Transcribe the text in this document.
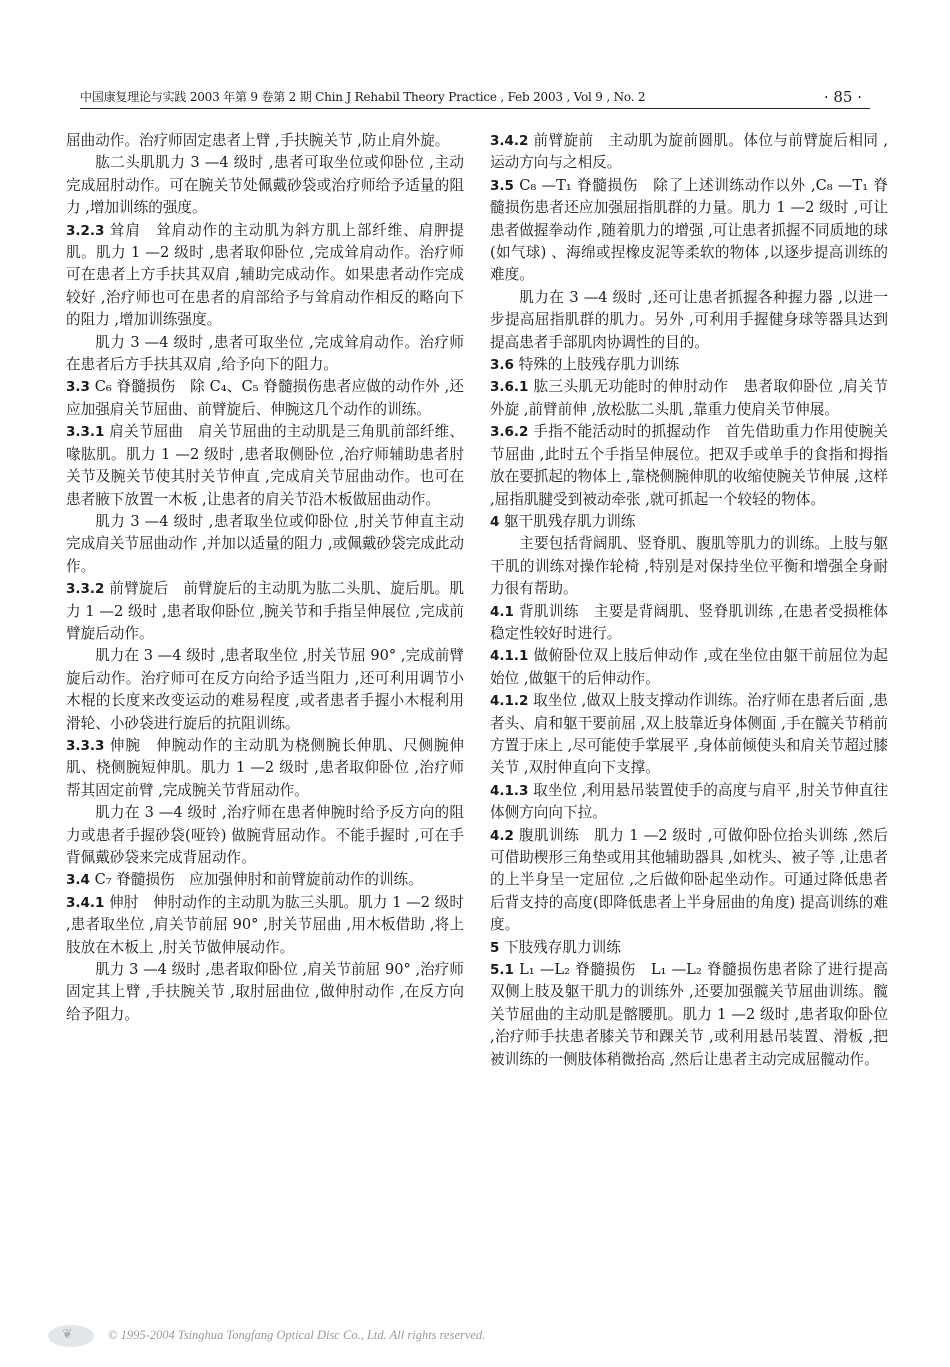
中国康复理论与实践 2003 年第 9 卷第 2 期 Chin J Rehabil Theory Practice , Feb 2003 , Vol 9 , No. 2	· 85 ·

屈曲动作。治疗师固定患者上臂 ,手扶腕关节 ,防止肩外旋。

肱二头肌肌力 3 —4 级时 ,患者可取坐位或仰卧位 ,主动完成屈肘动作。可在腕关节处佩戴砂袋或治疗师给予适量的阻力 ,增加训练的强度。

3.2.3 耸肩　耸肩动作的主动肌为斜方肌上部纤维、肩胛提肌。肌力 1 —2 级时 ,患者取仰卧位 ,完成耸肩动作。治疗师可在患者上方手扶其双肩 ,辅助完成动作。如果患者动作完成较好 ,治疗师也可在患者的肩部给予与耸肩动作相反的略向下的阻力 ,增加训练强度。

肌力 3 —4 级时 ,患者可取坐位 ,完成耸肩动作。治疗师在患者后方手扶其双肩 ,给予向下的阻力。

3.3 C₆ 脊髓损伤　除 C₄、C₅ 脊髓损伤患者应做的动作外 ,还应加强肩关节屈曲、前臂旋后、伸腕这几个动作的训练。

3.3.1 肩关节屈曲　肩关节屈曲的主动肌是三角肌前部纤维、喙肱肌。肌力 1 —2 级时 ,患者取侧卧位 ,治疗师辅助患者肘关节及腕关节使其肘关节伸直 ,完成肩关节屈曲动作。也可在患者腋下放置一木板 ,让患者的肩关节沿木板做屈曲动作。

肌力 3 —4 级时 ,患者取坐位或仰卧位 ,肘关节伸直主动完成肩关节屈曲动作 ,并加以适量的阻力 ,或佩戴砂袋完成此动作。

3.3.2 前臂旋后　前臂旋后的主动肌为肱二头肌、旋后肌。肌力 1 —2 级时 ,患者取仰卧位 ,腕关节和手指呈伸展位 ,完成前臂旋后动作。

肌力在 3 —4 级时 ,患者取坐位 ,肘关节屈 90° ,完成前臂旋后动作。治疗师可在反方向给予适当阻力 ,还可利用调节小木棍的长度来改变运动的难易程度 ,或者患者手握小木棍利用滑轮、小砂袋进行旋后的抗阻训练。

3.3.3 伸腕　伸腕动作的主动肌为桡侧腕长伸肌、尺侧腕伸肌、桡侧腕短伸肌。肌力 1 —2 级时 ,患者取仰卧位 ,治疗师帮其固定前臂 ,完成腕关节背屈动作。

肌力在 3 —4 级时 ,治疗师在患者伸腕时给予反方向的阻力或患者手握砂袋(哑铃) 做腕背屈动作。不能手握时 ,可在手背佩戴砂袋来完成背屈动作。

3.4 C₇ 脊髓损伤　应加强伸肘和前臂旋前动作的训练。

3.4.1 伸肘　伸肘动作的主动肌为肱三头肌。肌力 1 —2 级时 ,患者取坐位 ,肩关节前屈 90° ,肘关节屈曲 ,用木板借助 ,将上肢放在木板上 ,肘关节做伸展动作。

肌力 3 —4 级时 ,患者取仰卧位 ,肩关节前屈 90° ,治疗师固定其上臂 ,手扶腕关节 ,取肘屈曲位 ,做伸肘动作 ,在反方向给予阻力。

3.4.2 前臂旋前　主动肌为旋前圆肌。体位与前臂旋后相同 ,运动方向与之相反。

3.5 C₈ —T₁ 脊髓损伤　除了上述训练动作以外 ,C₈ —T₁ 脊髓损伤患者还应加强屈指肌群的力量。肌力 1 —2 级时 ,可让患者做握拳动作 ,随着肌力的增强 ,可让患者抓握不同质地的球(如气球) 、海绵或捏橡皮泥等柔软的物体 ,以逐步提高训练的难度。

肌力在 3 —4 级时 ,还可让患者抓握各种握力器 ,以进一步提高屈指肌群的肌力。另外 ,可利用手握健身球等器具达到提高患者手部肌肉协调性的目的。

3.6 特殊的上肢残存肌力训练

3.6.1 肱三头肌无功能时的伸肘动作　患者取仰卧位 ,肩关节外旋 ,前臂前伸 ,放松肱二头肌 ,靠重力使肩关节伸展。

3.6.2 手指不能活动时的抓握动作　首先借助重力作用使腕关节屈曲 ,此时五个手指呈伸展位。把双手或单手的食指和拇指放在要抓起的物体上 ,靠桡侧腕伸肌的收缩使腕关节伸展 ,这样 ,屈指肌腱受到被动牵张 ,就可抓起一个较轻的物体。

4 躯干肌残存肌力训练

主要包括背阔肌、竖脊肌、腹肌等肌力的训练。上肢与躯干肌的训练对操作轮椅 ,特别是对保持坐位平衡和增强全身耐力很有帮助。

4.1 背肌训练　主要是背阔肌、竖脊肌训练 ,在患者受损椎体稳定性较好时进行。

4.1.1 做俯卧位双上肢后伸动作 ,或在坐位由躯干前屈位为起始位 ,做躯干的后伸动作。

4.1.2 取坐位 ,做双上肢支撑动作训练。治疗师在患者后面 ,患者头、肩和躯干要前屈 ,双上肢靠近身体侧面 ,手在髋关节稍前方置于床上 ,尽可能使手掌展平 ,身体前倾使头和肩关节超过膝关节 ,双肘伸直向下支撑。

4.1.3 取坐位 ,利用悬吊装置使手的高度与肩平 ,肘关节伸直往体侧方向向下拉。

4.2 腹肌训练　肌力 1 —2 级时 ,可做仰卧位抬头训练 ,然后可借助楔形三角垫或用其他辅助器具 ,如枕头、被子等 ,让患者的上半身呈一定屈位 ,之后做仰卧起坐动作。可通过降低患者后背支持的高度(即降低患者上半身屈曲的角度) 提高训练的难度。

5 下肢残存肌力训练

5.1 L₁ —L₂ 脊髓损伤　L₁ —L₂ 脊髓损伤患者除了进行提高双侧上肢及躯干肌力的训练外 ,还要加强髋关节屈曲训练。髋关节屈曲的主动肌是髂腰肌。肌力 1 —2 级时 ,患者取仰卧位 ,治疗师手扶患者膝关节和踝关节 ,或利用悬吊装置、滑板 ,把被训练的一侧肢体稍微抬高 ,然后让患者主动完成屈髋动作。

❦	© 1995-2004 Tsinghua Tongfang Optical Disc Co., Ltd. All rights reserved.
